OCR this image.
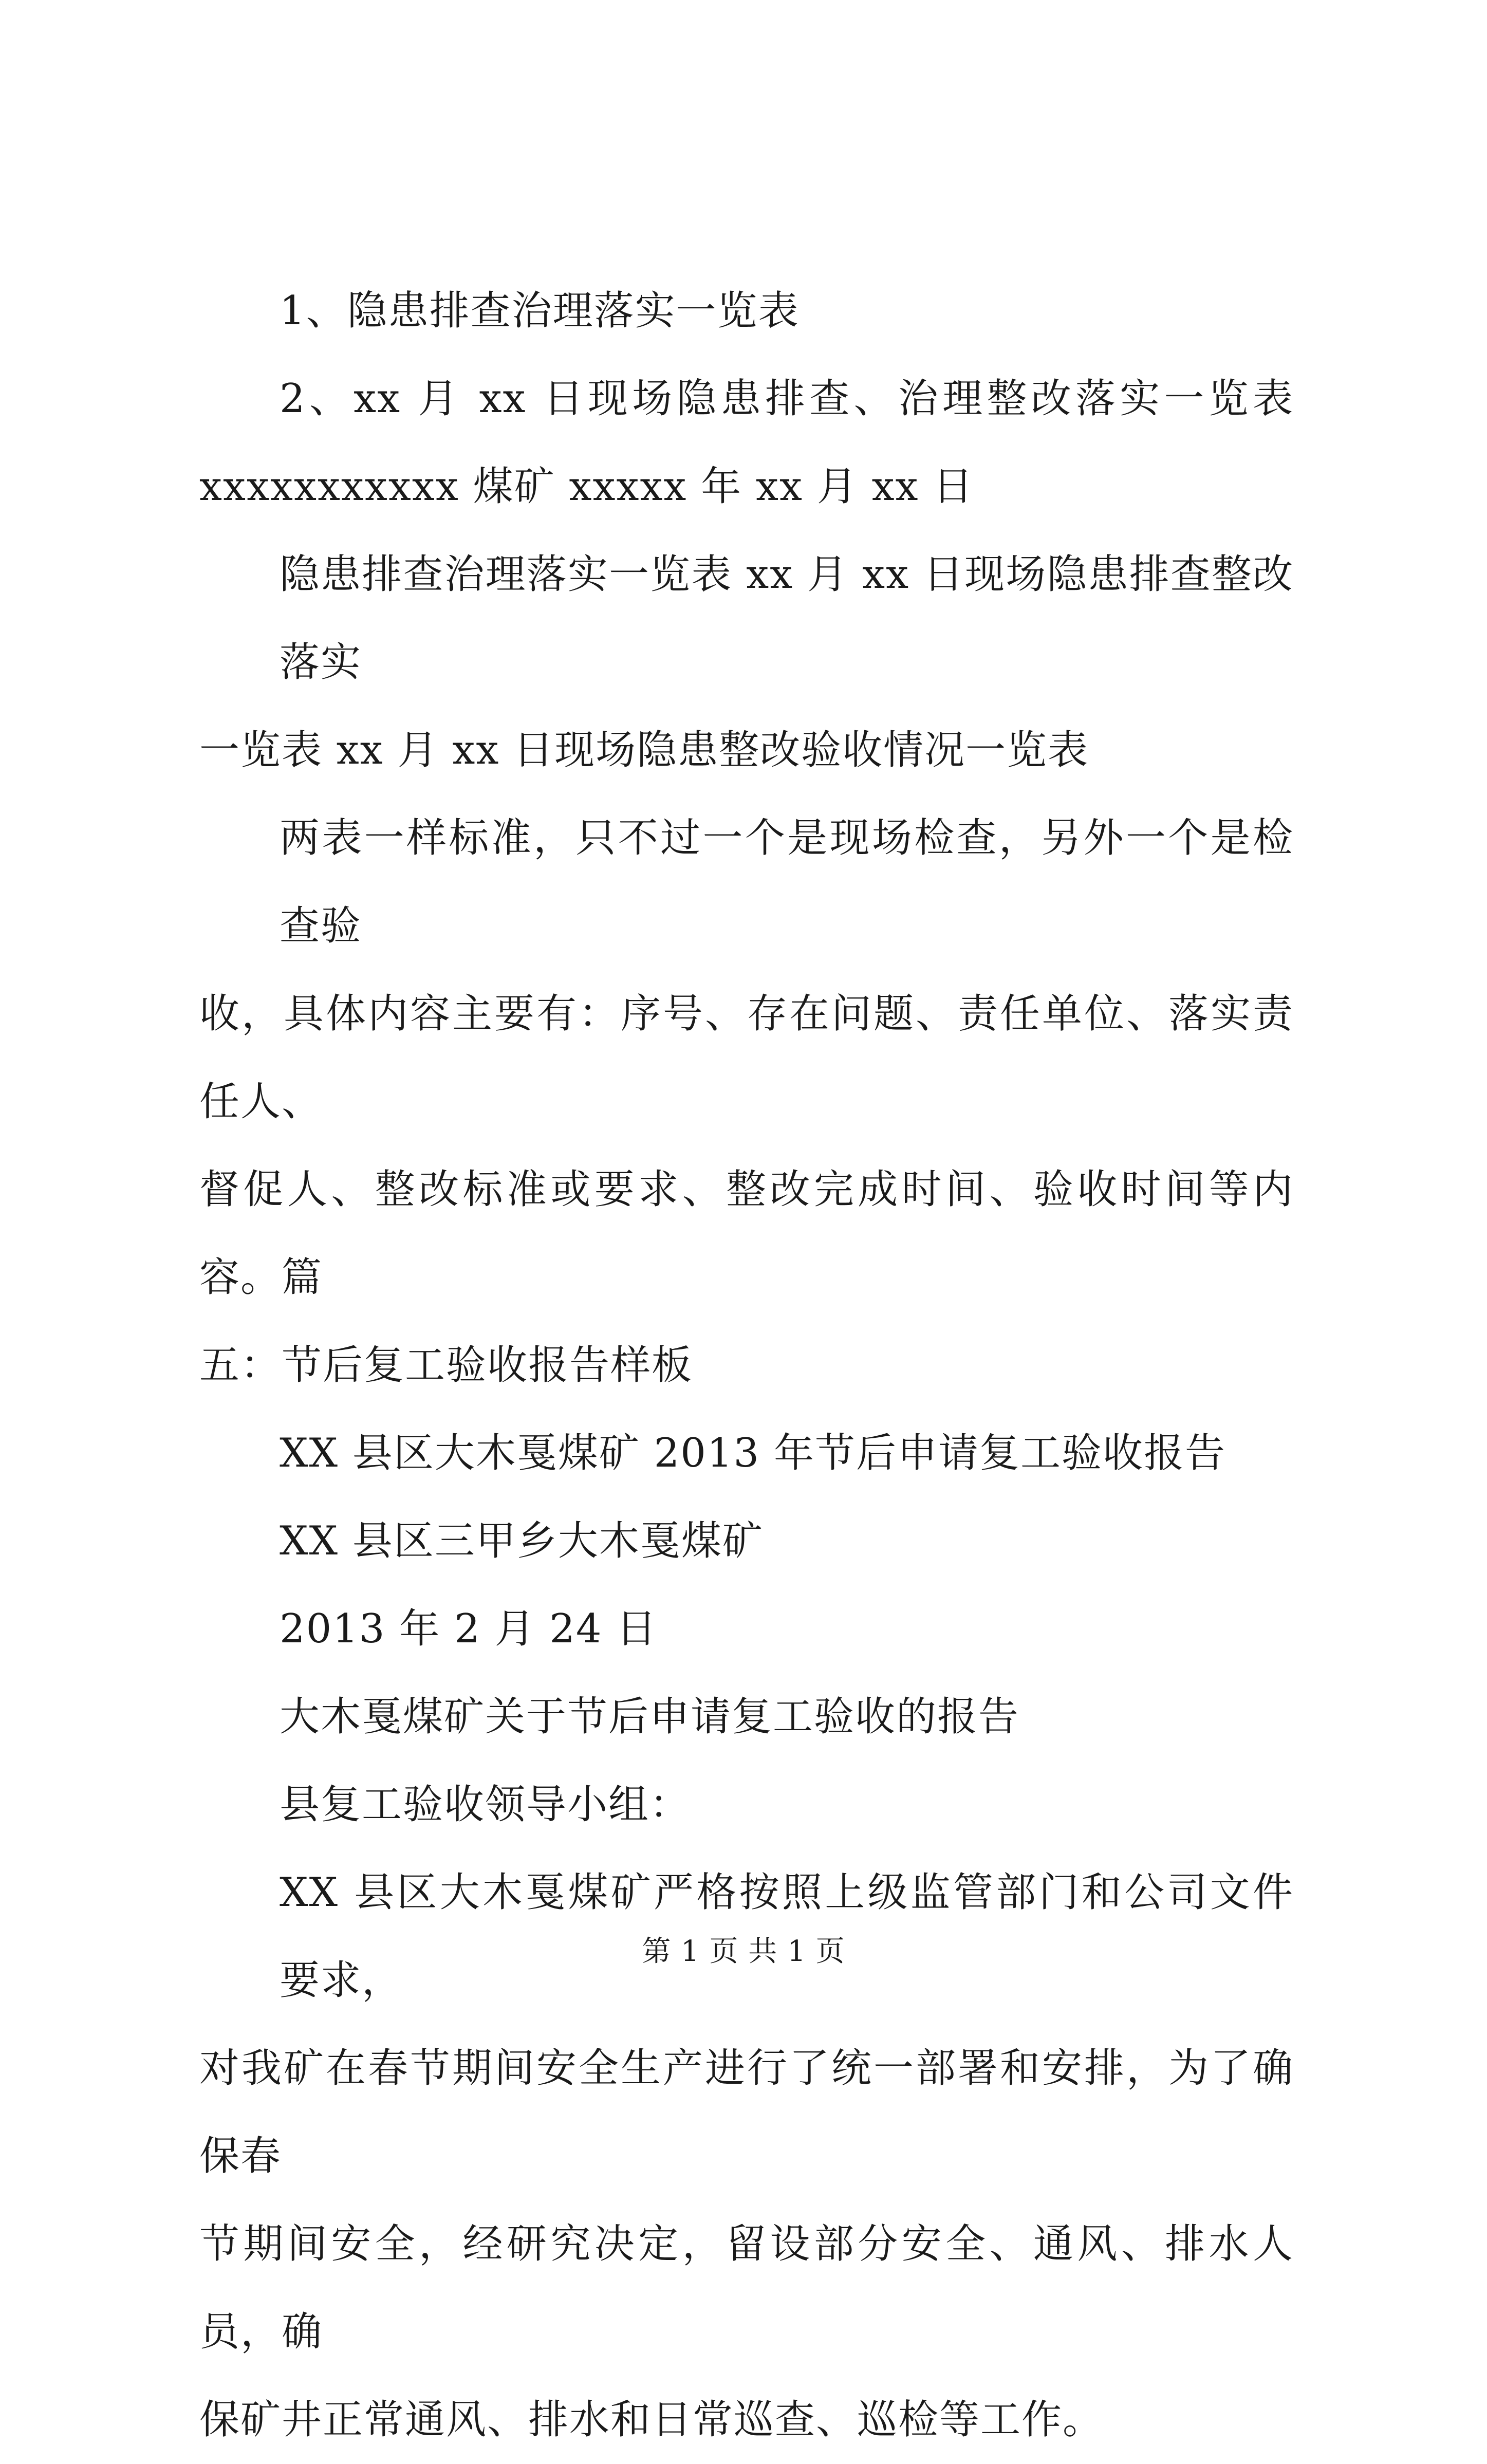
1、隐患排查治理落实一览表

2、xx 月 xx 日现场隐患排查、治理整改落实一览表
xxxxxxxxxxx 煤矿 xxxxx 年 xx 月 xx 日

隐患排查治理落实一览表 xx 月 xx 日现场隐患排查整改落实
一览表 xx 月 xx 日现场隐患整改验收情况一览表

两表一样标准，只不过一个是现场检查，另外一个是检查验
收，具体内容主要有：序号、存在问题、责任单位、落实责任人、
督促人、整改标准或要求、整改完成时间、验收时间等内容。篇
五：节后复工验收报告样板

XX 县区大木戛煤矿 2013 年节后申请复工验收报告

XX 县区三甲乡大木戛煤矿

2013 年 2 月 24 日

大木戛煤矿关于节后申请复工验收的报告

县复工验收领导小组：

XX 县区大木戛煤矿严格按照上级监管部门和公司文件要求，
对我矿在春节期间安全生产进行了统一部署和安排，为了确保春
节期间安全，经研究决定，留设部分安全、通风、排水人员，确
保矿井正常通风、排水和日常巡查、巡检等工作。

第 1 页 共 1 页
